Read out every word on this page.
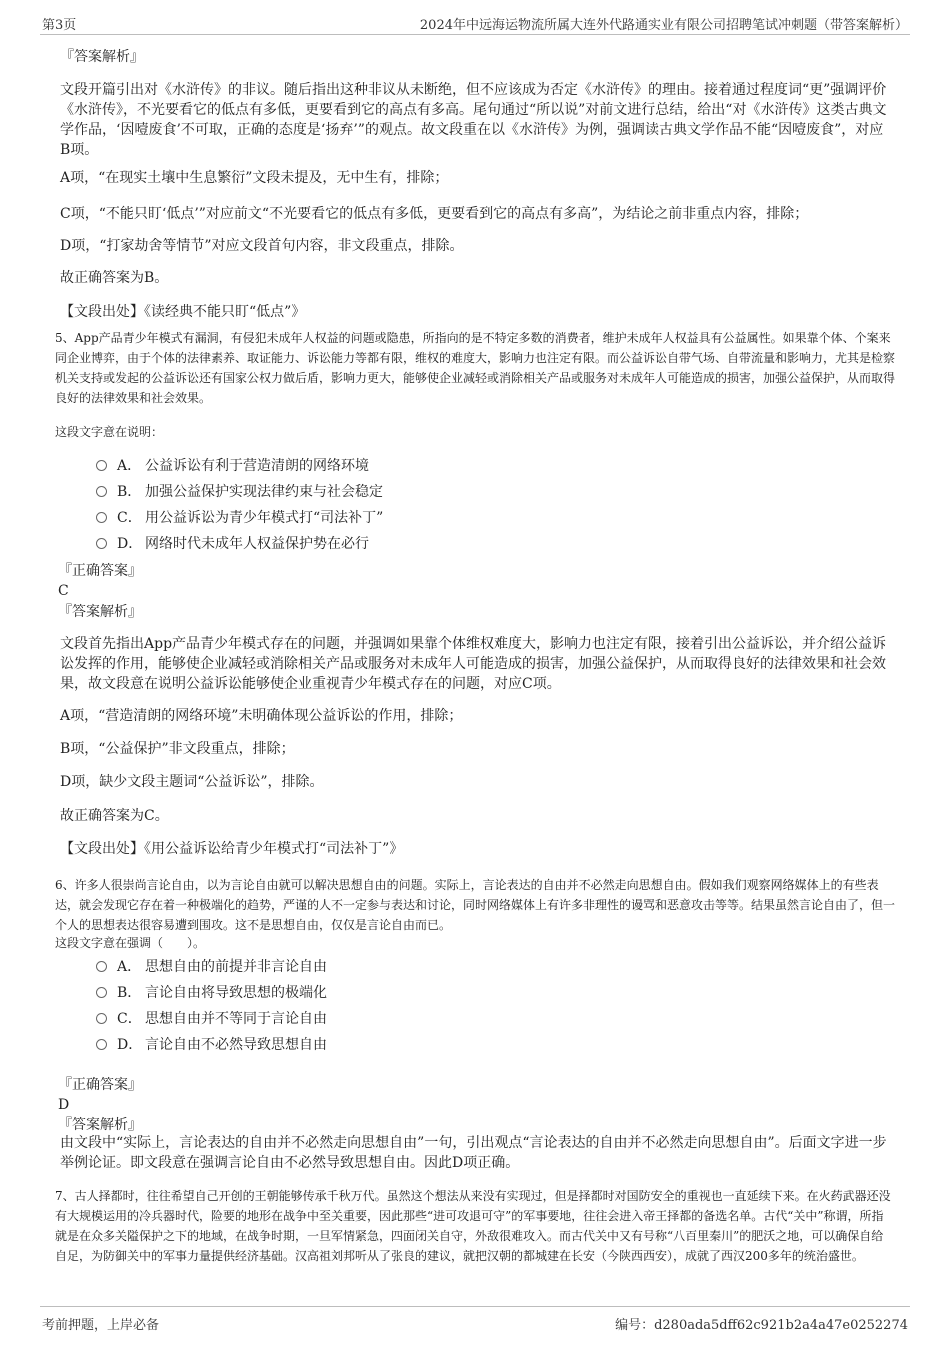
第3页	2024年中远海运物流所属大连外代路通实业有限公司招聘笔试冲刺题（带答案解析）
『答案解析』
文段开篇引出对《水浒传》的非议。随后指出这种非议从未断绝，但不应该成为否定《水浒传》的理由。接着通过程度词“更”强调评价《水浒传》，不光要看它的低点有多低，更要看到它的高点有多高。尾句通过“所以说”对前文进行总结，给出“对《水浒传》这类古典文学作品，‘因噎废食’不可取，正确的态度是‘扬弃’”的观点。故文段重在以《水浒传》为例，强调读古典文学作品不能“因噎废食”，对应B项。
A项，“在现实土壤中生息繁衍”文段未提及，无中生有，排除；
C项，“不能只盯‘低点’”对应前文“不光要看它的低点有多低，更要看到它的高点有多高”，为结论之前非重点内容，排除；
D项，“打家劫舍等情节”对应文段首句内容，非文段重点，排除。
故正确答案为B。
【文段出处】《读经典不能只盯“低点”》
5、App产品青少年模式有漏洞，有侵犯未成年人权益的问题或隐患，所指向的是不特定多数的消费者，维护未成年人权益具有公益属性。如果靠个体、个案来同企业博弈，由于个体的法律素养、取证能力、诉讼能力等都有限，维权的难度大，影响力也注定有限。而公益诉讼自带气场、自带流量和影响力，尤其是检察机关支持或发起的公益诉讼还有国家公权力做后盾，影响力更大，能够使企业减轻或消除相关产品或服务对未成年人可能造成的损害，加强公益保护，从而取得良好的法律效果和社会效果。
这段文字意在说明：
A． 公益诉讼有利于营造清朗的网络环境
B． 加强公益保护实现法律约束与社会稳定
C． 用公益诉讼为青少年模式打“司法补丁”
D． 网络时代未成年人权益保护势在必行
『正确答案』
C
『答案解析』
文段首先指出App产品青少年模式存在的问题，并强调如果靠个体维权难度大，影响力也注定有限，接着引出公益诉讼，并介绍公益诉讼发挥的作用，能够使企业减轻或消除相关产品或服务对未成年人可能造成的损害，加强公益保护，从而取得良好的法律效果和社会效果，故文段意在说明公益诉讼能够使企业重视青少年模式存在的问题，对应C项。
A项，“营造清朗的网络环境”未明确体现公益诉讼的作用，排除；
B项，“公益保护”非文段重点，排除；
D项，缺少文段主题词“公益诉讼”，排除。
故正确答案为C。
【文段出处】《用公益诉讼给青少年模式打“司法补丁”》
6、许多人很崇尚言论自由，以为言论自由就可以解决思想自由的问题。实际上，言论表达的自由并不必然走向思想自由。假如我们观察网络媒体上的有些表达，就会发现它存在着一种极端化的趋势，严谨的人不一定参与表达和讨论，同时网络媒体上有许多非理性的谩骂和恶意攻击等等。结果虽然言论自由了，但一个人的思想表达很容易遭到围攻。这不是思想自由，仅仅是言论自由而已。
这段文字意在强调（　　）。
A． 思想自由的前提并非言论自由
B． 言论自由将导致思想的极端化
C． 思想自由并不等同于言论自由
D． 言论自由不必然导致思想自由
『正确答案』
D
『答案解析』
由文段中“实际上，言论表达的自由并不必然走向思想自由”一句，引出观点“言论表达的自由并不必然走向思想自由”。后面文字进一步举例论证。即文段意在强调言论自由不必然导致思想自由。因此D项正确。
7、古人择都时，往往希望自己开创的王朝能够传承千秋万代。虽然这个想法从来没有实现过，但是择都时对国防安全的重视也一直延续下来。在火药武器还没有大规模运用的冷兵器时代，险要的地形在战争中至关重要，因此那些“进可攻退可守”的军事要地，往往会进入帝王择都的备选名单。古代“关中”称谓，所指就是在众多关隘保护之下的地域，在战争时期，一旦军情紧急，四面闭关自守，外敌很难攻入。而古代关中又有号称“八百里秦川”的肥沃之地，可以确保自给自足，为防御关中的军事力量提供经济基础。汉高祖刘邦听从了张良的建议，就把汉朝的都城建在长安（今陕西西安），成就了西汉200多年的统治盛世。
考前押题，上岸必备	编号：d280ada5dff62c921b2a4a47e0252274
